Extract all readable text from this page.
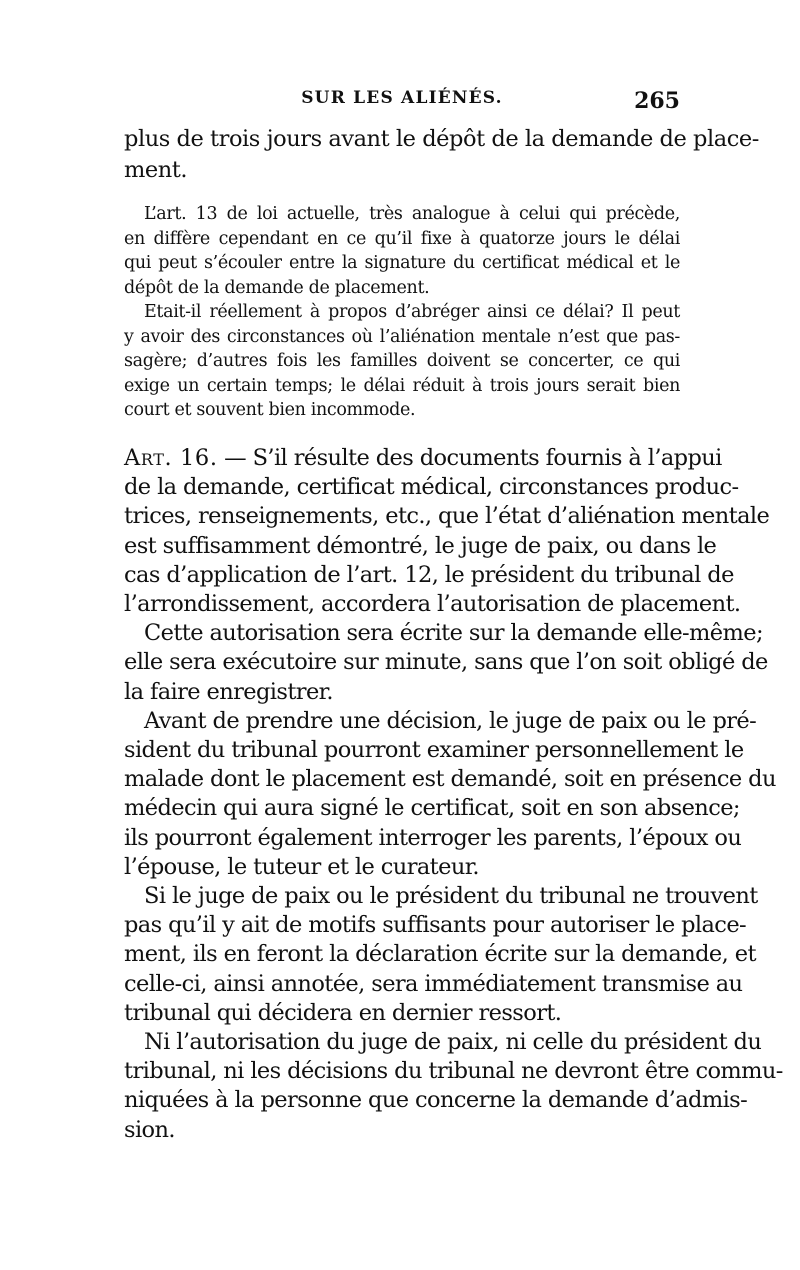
SUR LES ALIÉNÉS.	265
plus de trois jours avant le dépôt de la demande de place-
ment.
L’art. 13 de loi actuelle, très analogue à celui qui précède,
en diffère cependant en ce qu’il fixe à quatorze jours le délai
qui peut s’écouler entre la signature du certificat médical et le
dépôt de la demande de placement.
Etait-il réellement à propos d’abréger ainsi ce délai? Il peut
y avoir des circonstances où l’aliénation mentale n’est que pas-
sagère; d’autres fois les familles doivent se concerter, ce qui
exige un certain temps; le délai réduit à trois jours serait bien
court et souvent bien incommode.
Art. 16. — S’il résulte des documents fournis à l’appui
de la demande, certificat médical, circonstances produc-
trices, renseignements, etc., que l’état d’aliénation mentale
est suffisamment démontré, le juge de paix, ou dans le
cas d’application de l’art. 12, le président du tribunal de
l’arrondissement, accordera l’autorisation de placement.
Cette autorisation sera écrite sur la demande elle-même;
elle sera exécutoire sur minute, sans que l’on soit obligé de
la faire enregistrer.
Avant de prendre une décision, le juge de paix ou le pré-
sident du tribunal pourront examiner personnellement le
malade dont le placement est demandé, soit en présence du
médecin qui aura signé le certificat, soit en son absence;
ils pourront également interroger les parents, l’époux ou
l’épouse, le tuteur et le curateur.
Si le juge de paix ou le président du tribunal ne trouvent
pas qu’il y ait de motifs suffisants pour autoriser le place-
ment, ils en feront la déclaration écrite sur la demande, et
celle-ci, ainsi annotée, sera immédiatement transmise au
tribunal qui décidera en dernier ressort.
Ni l’autorisation du juge de paix, ni celle du président du
tribunal, ni les décisions du tribunal ne devront être commu-
niquées à la personne que concerne la demande d’admis-
sion.
